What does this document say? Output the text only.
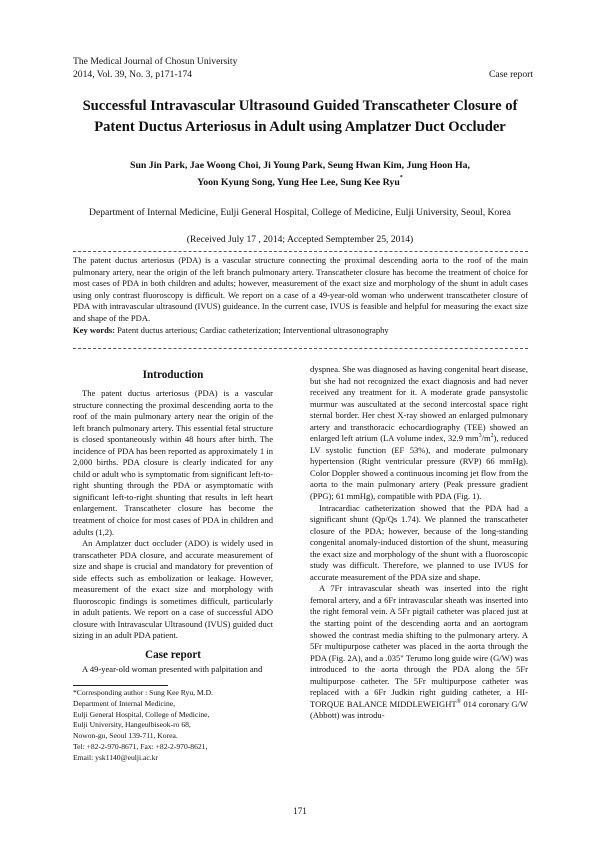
The Medical Journal of Chosun University
2014, Vol. 39, No. 3, p171-174	Case report
Successful Intravascular Ultrasound Guided Transcatheter Closure of
Patent Ductus Arteriosus in Adult using Amplatzer Duct Occluder
Sun Jin Park, Jae Woong Choi, Ji Young Park, Seung Hwan Kim, Jung Hoon Ha,
Yoon Kyung Song, Yung Hee Lee, Sung Kee Ryu*
Department of Internal Medicine, Eulji General Hospital, College of Medicine, Eulji University, Seoul, Korea
(Received July 17 , 2014; Accepted Semptember 25, 2014)
The patent ductus arteriosus (PDA) is a vascular structure connecting the proximal descending aorta to the roof of the main pulmonary artery, near the origin of the left branch pulmonary artery. Transcatheter closure has become the treatment of choice for most cases of PDA in both children and adults; however, measurement of the exact size and morphology of the shunt in adult cases using only contrast fluoroscopy is difficult. We report on a case of a 49-year-old woman who underwent transcatheter closure of PDA with intravascular ultrasound (IVUS) guideance. In the current case, IVUS is feasible and helpful for measuring the exact size and shape of the PDA.
Key words: Patent ductus arterious; Cardiac catheterization; Interventional ultrasonography
Introduction

The patent ductus arteriosus (PDA) is a vascular structure connecting the proximal descending aorta to the roof of the main pulmonary artery near the origin of the left branch pulmonary artery. This essential fetal structure is closed spontaneously within 48 hours after birth. The incidence of PDA has been reported as approximately 1 in 2,000 births. PDA closure is clearly indicated for any child or adult who is symptomatic from significant left-to-right shunting through the PDA or asymptomatic with significant left-to-right shunting that results in left heart enlargement. Transcatheter closure has become the treatment of choice for most cases of PDA in children and adults (1,2).

An Amplatzer duct occluder (ADO) is widely used in transcatheter PDA closure, and accurate measurement of size and shape is crucial and mandatory for prevention of side effects such as embolization or leakage. However, measurement of the exact size and morphology with fluoroscopic findings is sometimes difficult, particularly in adult patients. We report on a case of successful ADO closure with Intravascular Ultrasound (IVUS) guided duct sizing in an adult PDA patient.

Case report

A 49-year-old woman presented with palpitation and

dyspnea. She was diagnosed as having congenital heart disease, but she had not recognized the exact diagnosis and had never received any treatment for it. A moderate grade pansystolic murmur was auscultated at the second intercostal space right sternal border. Her chest X-ray showed an enlarged pulmonary artery and transthoracic echocardiography (TEE) showed an enlarged left atrium (LA volume index, 32.9 $mm^3/m^2$), reduced LV systolic function (EF 53%), and moderate pulmonary hypertension (Right ventricular pressure (RVP) 66 mmHg). Color Doppler showed a continuous incoming jet flow from the aorta to the main pulmonary artery (Peak pressure gradient (PPG); 61 mmHg), compatible with PDA (Fig. 1).

Intracardiac catheterization showed that the PDA had a significant shunt (Qp/Qs 1.74). We planned the transcatheter closure of the PDA; however, because of the long-standing congenital anomaly-induced distortion of the shunt, measuring the exact size and morphology of the shunt with a fluoroscopic study was difficult. Therefore, we planned to use IVUS for accurate measurement of the PDA size and shape.

A 7Fr intravascular sheath was inserted into the right femoral artery, and a 6Fr intravascular sheath was inserted into the right femoral vein. A 5Fr pigtail catheter was placed just at the starting point of the descending aorta and an aortogram showed the contrast media shifting to the pulmonary artery. A 5Fr multipurpose catheter was placed in the aorta through the PDA (Fig. 2A), and a .035" Terumo long guide wire (G/W) was introduced to the aorta through the PDA along the 5Fr multipurpose catheter. The 5Fr multipurpose catheter was replaced with a 6Fr Judkin right guiding catheter, a HI-TORQUE BALANCE MIDDLEWEIGHT® 014 coronary G/W (Abbott) was introdu-

*Corresponding author : Sung Kee Ryu, M.D.
Department of Internal Medicine,
Eulji General Hospital, College of Medicine,
Eulji University, Hangeulbiseok-ro 68,
Nowon-gu, Seoul 139-711, Korea.
Tel: +82-2-970-8671, Fax: +82-2-970-8621,
Email: ysk1140@eulji.ac.kr
171
